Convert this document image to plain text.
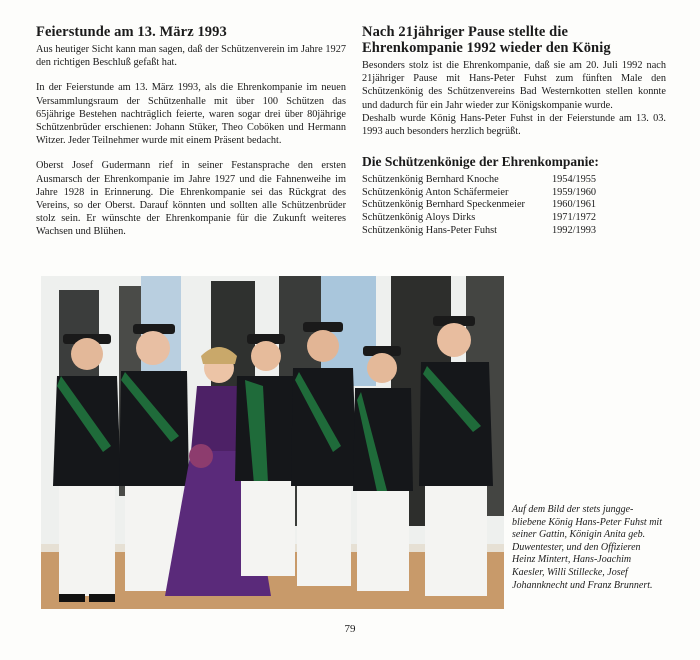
Feierstunde am 13. März 1993

Aus heutiger Sicht kann man sagen, daß der Schützenverein im Jahre 1927 den richtigen Beschluß gefaßt hat.

In der Feierstunde am 13. März 1993, als die Ehrenkompanie im neuen Versammlungsraum der Schützenhalle mit über 100 Schützen das 65jährige Bestehen nachträglich feierte, waren sogar drei über 80jährige Schützenbrüder erschienen: Johann Stüker, Theo Coböken und Hermann Witzer. Jeder Teilnehmer wurde mit einem Präsent bedacht.

Oberst Josef Gudermann rief in seiner Festansprache den ersten Ausmarsch der Ehrenkompanie im Jahre 1927 und die Fahnenweihe im Jahre 1928 in Erinnerung. Die Ehrenkompanie sei das Rückgrat des Vereins, so der Oberst. Darauf könnten und sollten alle Schützenbrüder stolz sein. Er wünschte der Ehrenkompanie für die Zukunft weiteres Wachsen und Blühen.

Nach 21jähriger Pause stellte die Ehrenkompanie 1992 wieder den König

Besonders stolz ist die Ehrenkompanie, daß sie am 20. Juli 1992 nach 21jähriger Pause mit Hans-Peter Fuhst zum fünften Male den Schützenkönig des Schützenvereins Bad Westernkotten stellen konnte und dadurch für ein Jahr wieder zur Königskompanie wurde.
Deshalb wurde König Hans-Peter Fuhst in der Feierstunde am 13. 03. 1993 auch besonders herzlich begrüßt.

Die Schützenkönige der Ehrenkompanie:
Schützenkönig Bernhard Knoche	1954/1955
Schützenkönig Anton Schäfermeier	1959/1960
Schützenkönig Bernhard Speckenmeier	1960/1961
Schützenkönig Aloys Dirks	1971/1972
Schützenkönig Hans-Peter Fuhst	1992/1993
Auf dem Bild der stets junggebliebene König Hans-Peter Fuhst mit seiner Gattin, Königin Anita geb. Duwentester, und den Offizieren Heinz Mintert, Hans-Joachim Kaesler, Willi Stillecke, Josef Johannknecht und Franz Brunnert.
79
